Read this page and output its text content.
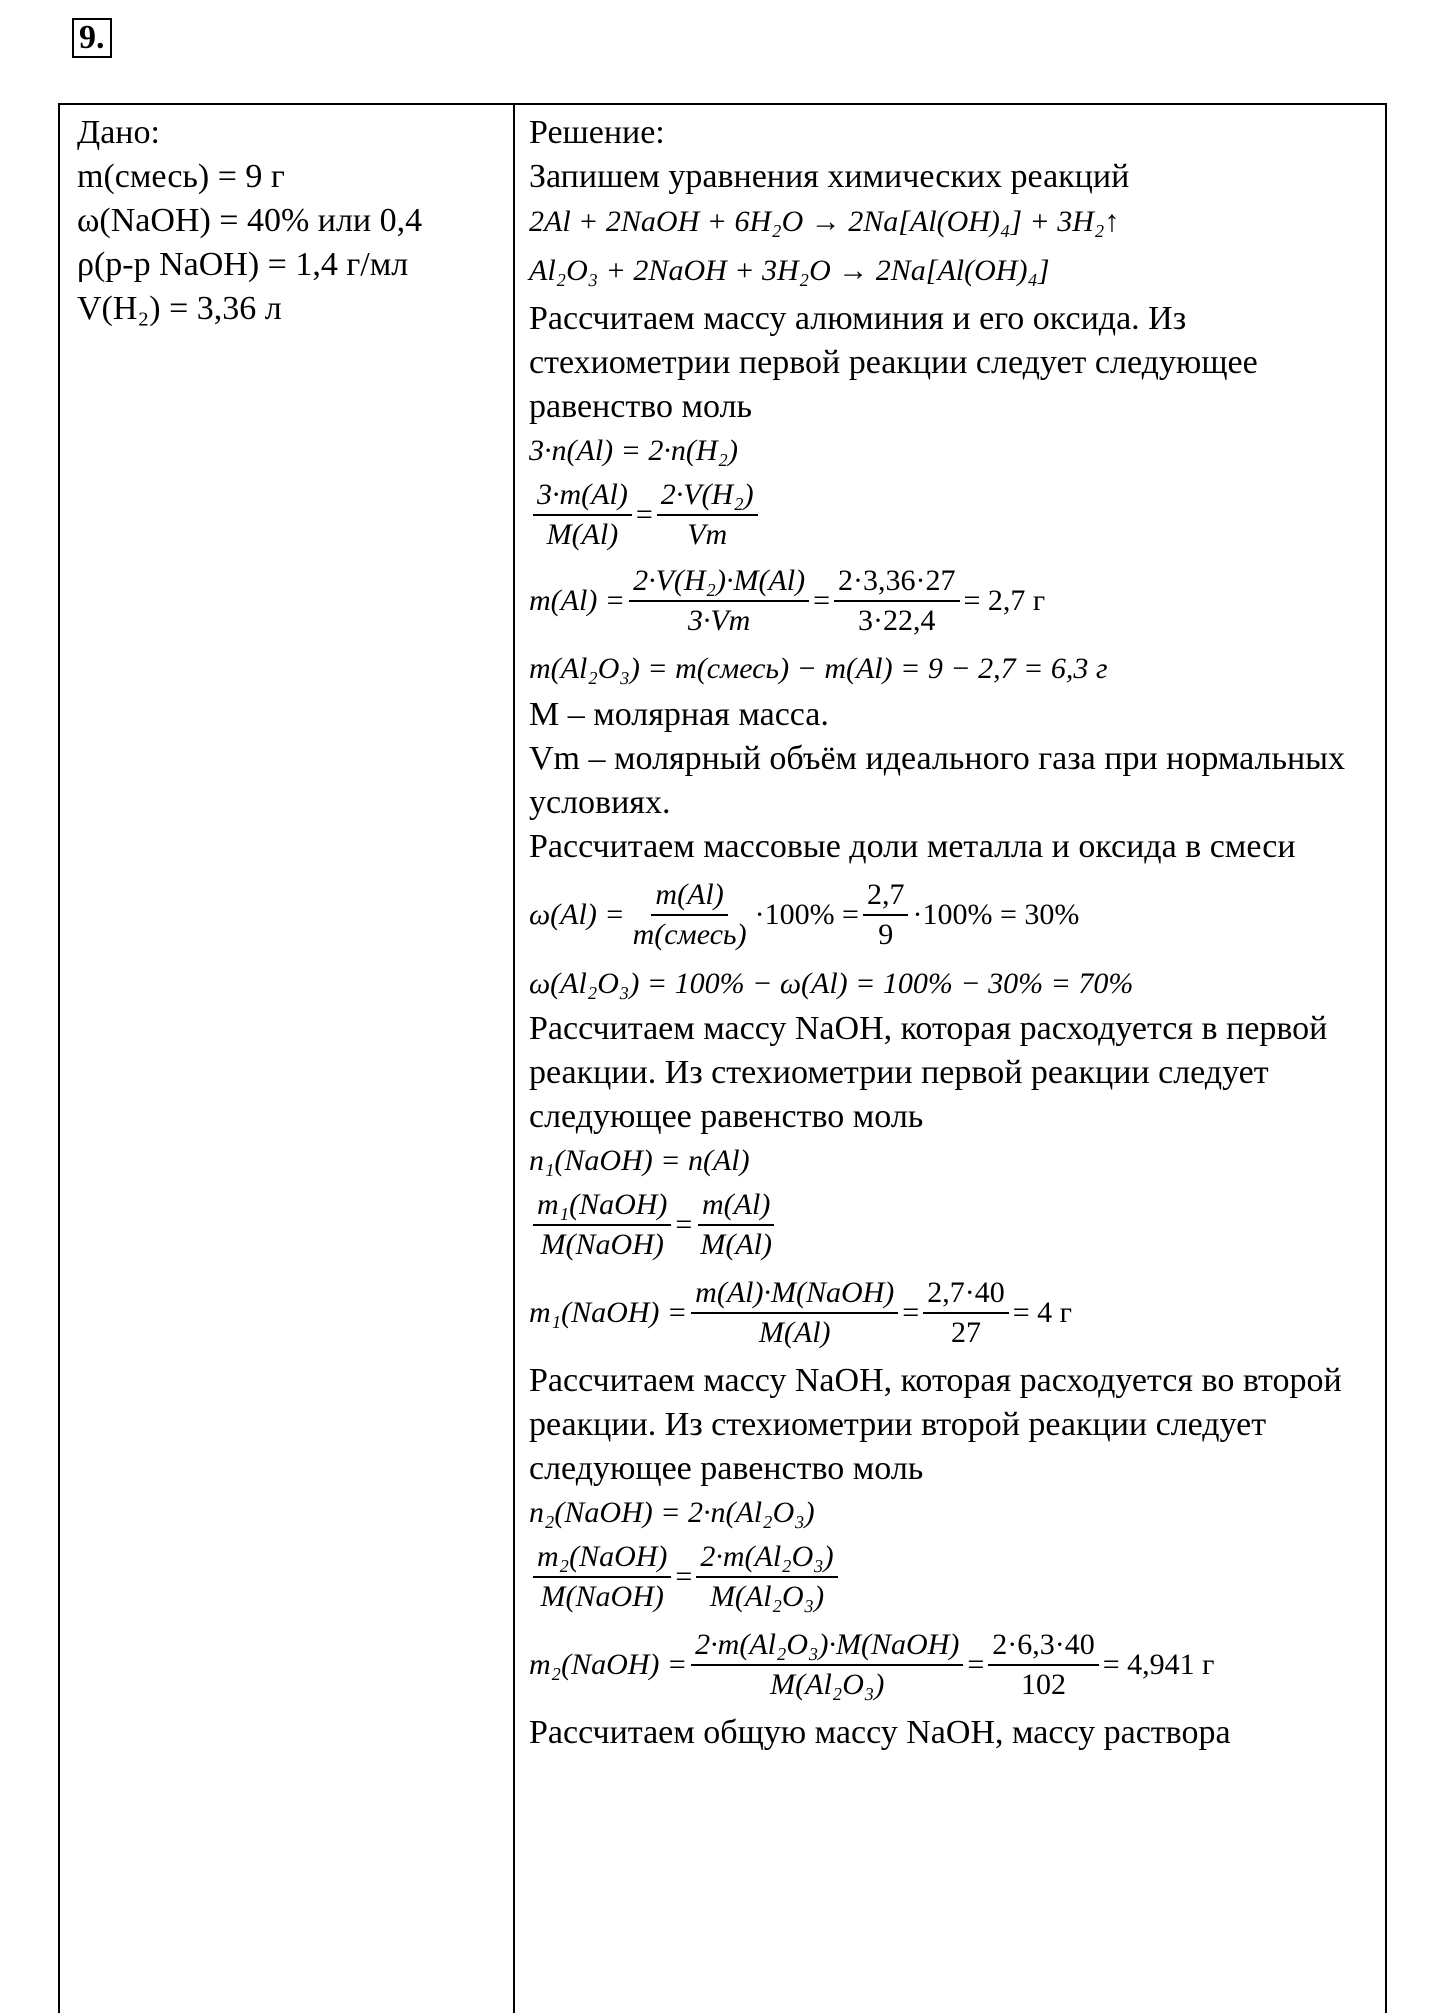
9.
Дано:
m(смесь) = 9 г
ω(NaOH) = 40% или 0,4
ρ(р-р NaOH) = 1,4 г/мл
V(H₂) = 3,36 л
Решение:
Запишем уравнения химических реакций
2Al + 2NaOH + 6H₂O → 2Na[Al(OH)₄] + 3H₂↑
Al₂O₃ + 2NaOH + 3H₂O → 2Na[Al(OH)₄]
Рассчитаем массу алюминия и его оксида. Из стехиометрии первой реакции следует следующее равенство моль
3·n(Al) = 2·n(H₂)
$\frac{3\cdot m(Al)}{M(Al)} = \frac{\text{2·V(H₂)}}{Vm}$
$m(Al) = \frac{\text{2·V(H₂)·M(Al)}}{3\cdot Vm} = \frac{2\cdot 3,36\cdot 27}{3\cdot 22,4} = 2,7$ г
m(Al₂O₃) = m(смесь) − m(Al) = 9 − 2,7 = 6,3 г
M – молярная масса.
Vm – молярный объём идеального газа при нормальных условиях.
Рассчитаем массовые доли металла и оксида в смеси
$\omega(Al) = \frac{m(Al)}{\text{m(смесь)}} \cdot 100\% = \frac{2,7}{9} \cdot 100\% = 30\%$
ω(Al₂O₃) = 100% − ω(Al) = 100% − 30% = 70%
Рассчитаем массу NaOH, которая расходуется в первой реакции. Из стехиометрии первой реакции следует следующее равенство моль
n₁(NaOH) = n(Al)
$\frac{\text{m₁(NaOH)}}{\text{M(NaOH)}} = \frac{m(Al)}{M(Al)}$
m₁(NaOH) = $\frac{\text{m(Al)·M(NaOH)}}{M(Al)} = \frac{2,7\cdot 40}{27} = 4$ г
Рассчитаем массу NaOH, которая расходуется во второй реакции. Из стехиометрии второй реакции следует следующее равенство моль
n₂(NaOH) = 2·n(Al₂O₃)
$\frac{\text{m₂(NaOH)}}{\text{M(NaOH)}} = \frac{\text{2·m(Al₂O₃)}}{\text{M(Al₂O₃)}}$
m₂(NaOH) = $\frac{\text{2·m(Al₂O₃)·M(NaOH)}}{\text{M(Al₂O₃)}} = \frac{2\cdot 6,3\cdot 40}{102} = 4,941$ г
Рассчитаем общую массу NaOH, массу раствора
